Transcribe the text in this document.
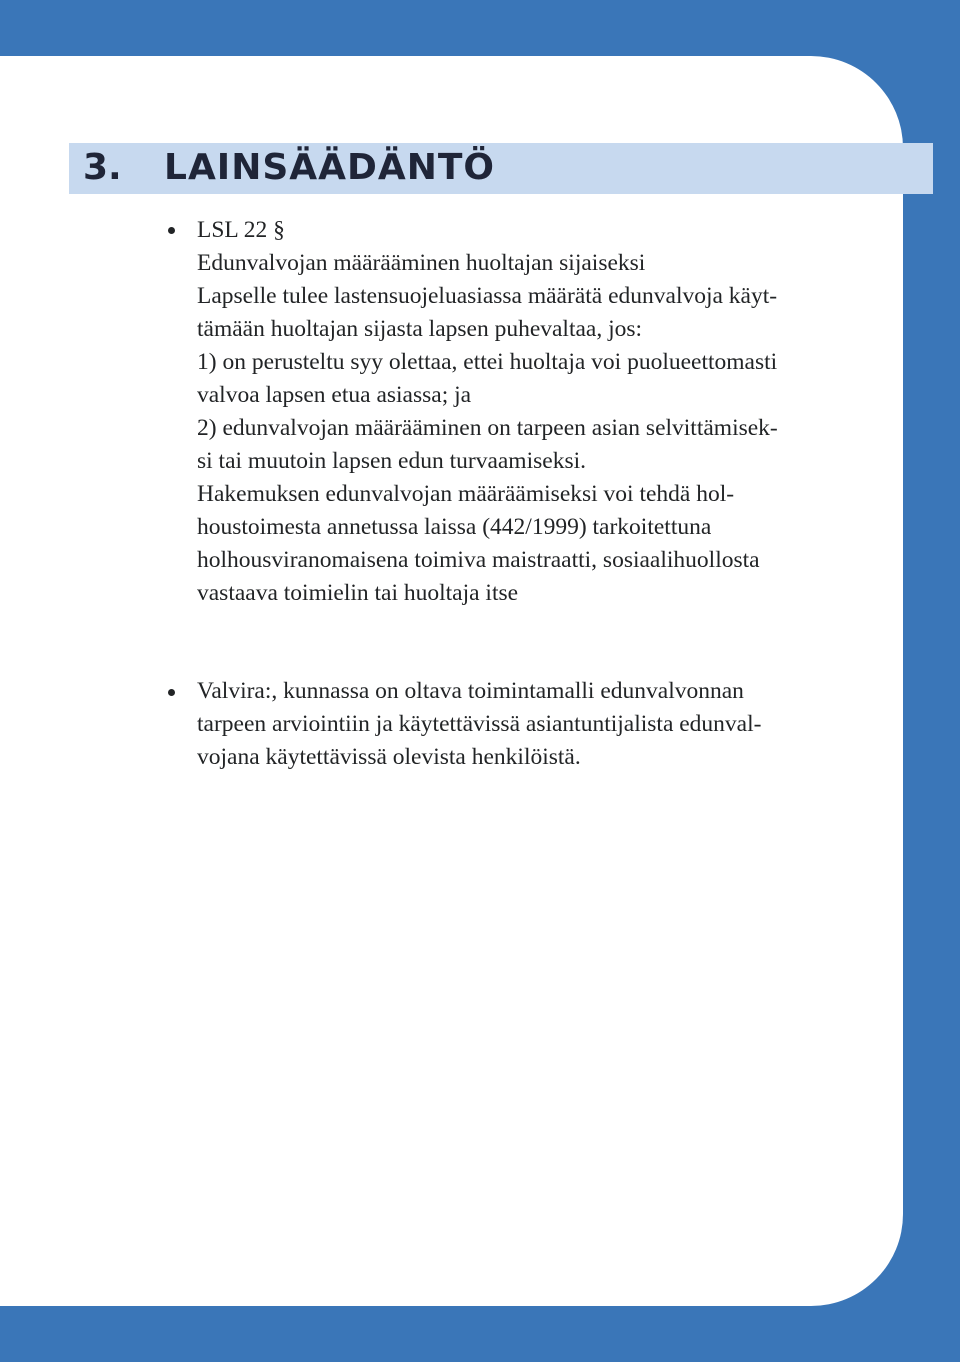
3. LAINSÄÄDÄNTÖ
LSL 22 §
Edunvalvojan määrääminen huoltajan sijaiseksi
Lapselle tulee lastensuojeluasiassa määrätä edunvalvoja käyt-
tämään huoltajan sijasta lapsen puhevaltaa, jos:
1) on perusteltu syy olettaa, ettei huoltaja voi puolueettomasti
valvoa lapsen etua asiassa; ja
2) edunvalvojan määrääminen on tarpeen asian selvittämisek-
si tai muutoin lapsen edun turvaamiseksi.
Hakemuksen edunvalvojan määräämiseksi voi tehdä hol-
houstoimesta annetussa laissa (442/1999) tarkoitettuna
holhousviranomaisena toimiva maistraatti, sosiaalihuollosta
vastaava toimielin tai huoltaja itse
Valvira:, kunnassa on oltava toimintamalli edunvalvonnan
tarpeen arviointiin ja käytettävissä asiantuntijalista edunval-
vojana käytettävissä olevista henkilöistä.
